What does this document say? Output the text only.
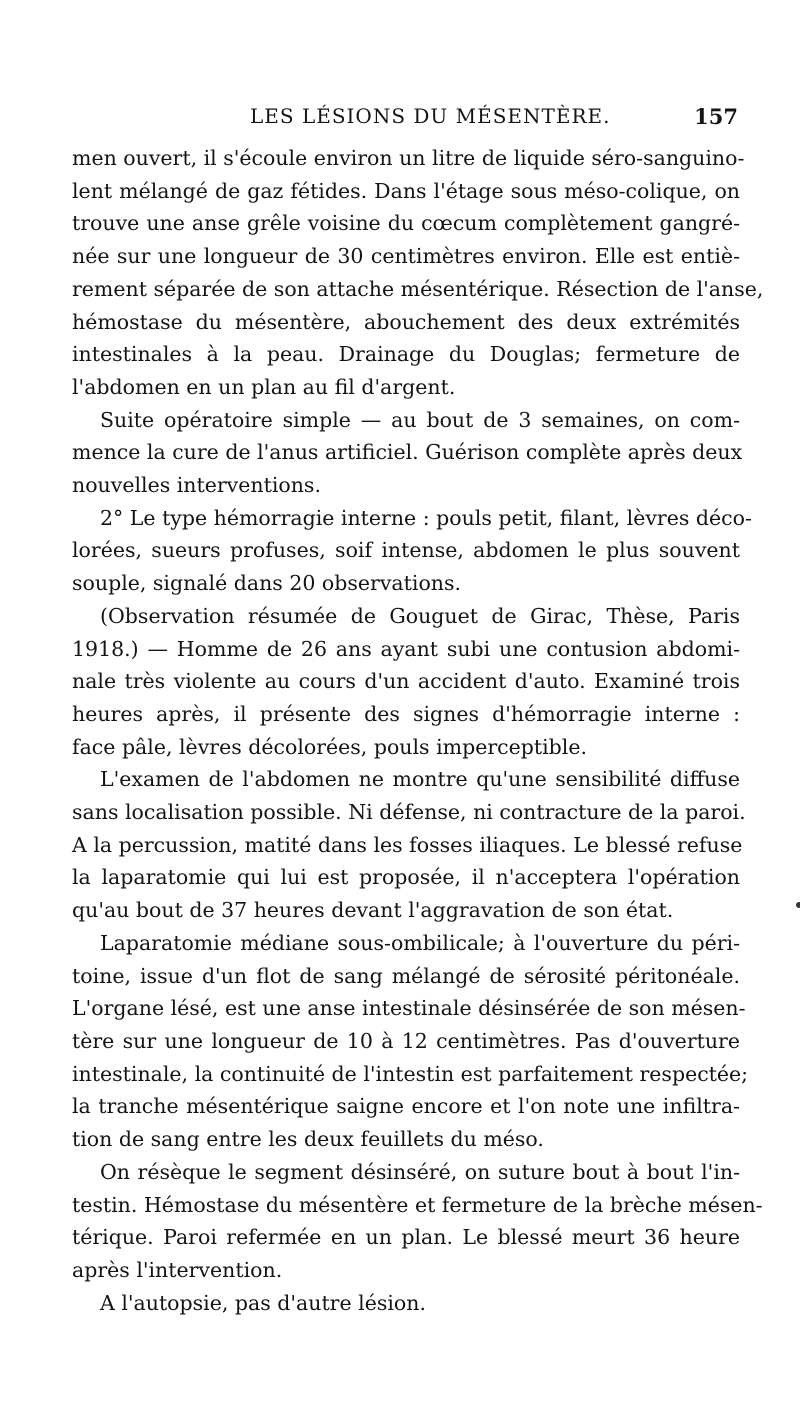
LES LÉSIONS DU MÉSENTÈRE.	157

men ouvert, il s'écoule environ un litre de liquide séro-sanguino-
lent mélangé de gaz fétides. Dans l'étage sous méso-colique, on
trouve une anse grêle voisine du cœcum complètement gangré-
née sur une longueur de 30 centimètres environ. Elle est entiè-
rement séparée de son attache mésentérique. Résection de l'anse,
hémostase du mésentère, abouchement des deux extrémités
intestinales à la peau. Drainage du Douglas; fermeture de
l'abdomen en un plan au fil d'argent.

Suite opératoire simple — au bout de 3 semaines, on com-
mence la cure de l'anus artificiel. Guérison complète après deux
nouvelles interventions.

2° Le type hémorragie interne : pouls petit, filant, lèvres déco-
lorées, sueurs profuses, soif intense, abdomen le plus souvent
souple, signalé dans 20 observations.

(Observation résumée de Gouguet de Girac, Thèse, Paris
1918.) — Homme de 26 ans ayant subi une contusion abdomi-
nale très violente au cours d'un accident d'auto. Examiné trois
heures après, il présente des signes d'hémorragie interne :
face pâle, lèvres décolorées, pouls imperceptible.

L'examen de l'abdomen ne montre qu'une sensibilité diffuse
sans localisation possible. Ni défense, ni contracture de la paroi.
A la percussion, matité dans les fosses iliaques. Le blessé refuse
la laparatomie qui lui est proposée, il n'acceptera l'opération
qu'au bout de 37 heures devant l'aggravation de son état.

Laparatomie médiane sous-ombilicale; à l'ouverture du péri-
toine, issue d'un flot de sang mélangé de sérosité péritonéale.
L'organe lésé, est une anse intestinale désinsérée de son mésen-
tère sur une longueur de 10 à 12 centimètres. Pas d'ouverture
intestinale, la continuité de l'intestin est parfaitement respectée;
la tranche mésentérique saigne encore et l'on note une infiltra-
tion de sang entre les deux feuillets du méso.

On résèque le segment désinséré, on suture bout à bout l'in-
testin. Hémostase du mésentère et fermeture de la brèche mésen-
térique. Paroi refermée en un plan. Le blessé meurt 36 heure
après l'intervention.

A l'autopsie, pas d'autre lésion.
